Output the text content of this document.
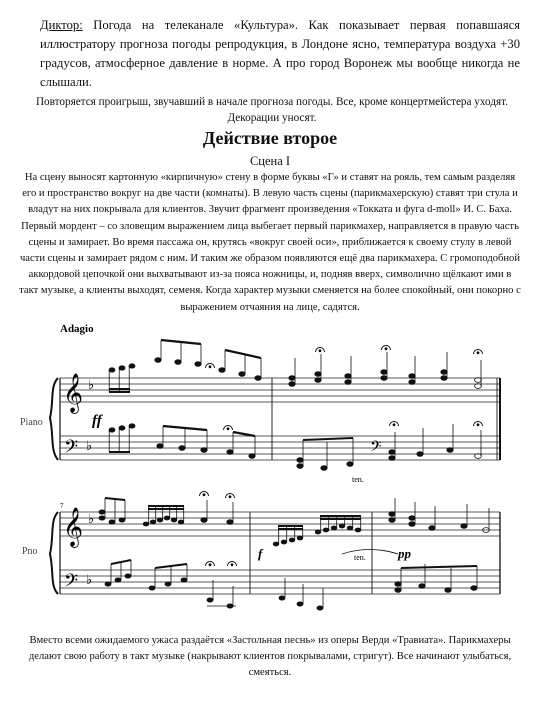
Диктор: Погода на телеканале «Культура». Как показывает первая попавшаяся иллюстратору прогноза погоды репродукция, в Лондоне ясно, температура воздуха +30 градусов, атмосферное давление в норме. А про город Воронеж мы вообще никогда не слышали.

Повторяется проигрыш, звучавший в начале прогноза погоды. Все, кроме концертмейстера уходят. Декорации уносят.

Действие второе
Сцена I

На сцену выносят картонную «кирпичную» стену в форме буквы «Г» и ставят на рояль, тем самым разделяя его и пространство вокруг на две части (комнаты). В левую часть сцены (парикмахерскую) ставят три стула и владут на них покрывала для клиентов. Звучит фрагмент произведения «Токката и фуга d-moll» И. С. Баха. Первый мордент – со зловещим выражением лица выбегает первый парикмахер, направляется в правую часть сцены и замирает. Во время пассажа он, крутясь «вокруг своей оси», приближается к своему стулу в левой части сцены и замирает рядом с ним. И таким же образом появляются ещё два парикмахера. С громоподобной аккордовой цепочкой они выхватывают из-за пояса ножницы, и, подняв вверх, символично щёлкают ими в такт музыке, а клиенты выходят, семеня. Когда характер музыки сменяется на более спокойный, они покорно с выражением отчаяния на лице, садятся.

Adagio
Piano
𝄞 ♭
𝄢 ♭
ff
𝄢
ten.
7
Pno
𝄞 ♭
𝄢 ♭
f	pp
ten.

Вместо всеми ожидаемого ужаса раздаётся «Застольная песнь» из оперы Верди «Травиата». Парикмахеры делают свою работу в такт музыке (накрывают клиентов покрывалами, стригут). Все начинают улыбаться, смеяться.
